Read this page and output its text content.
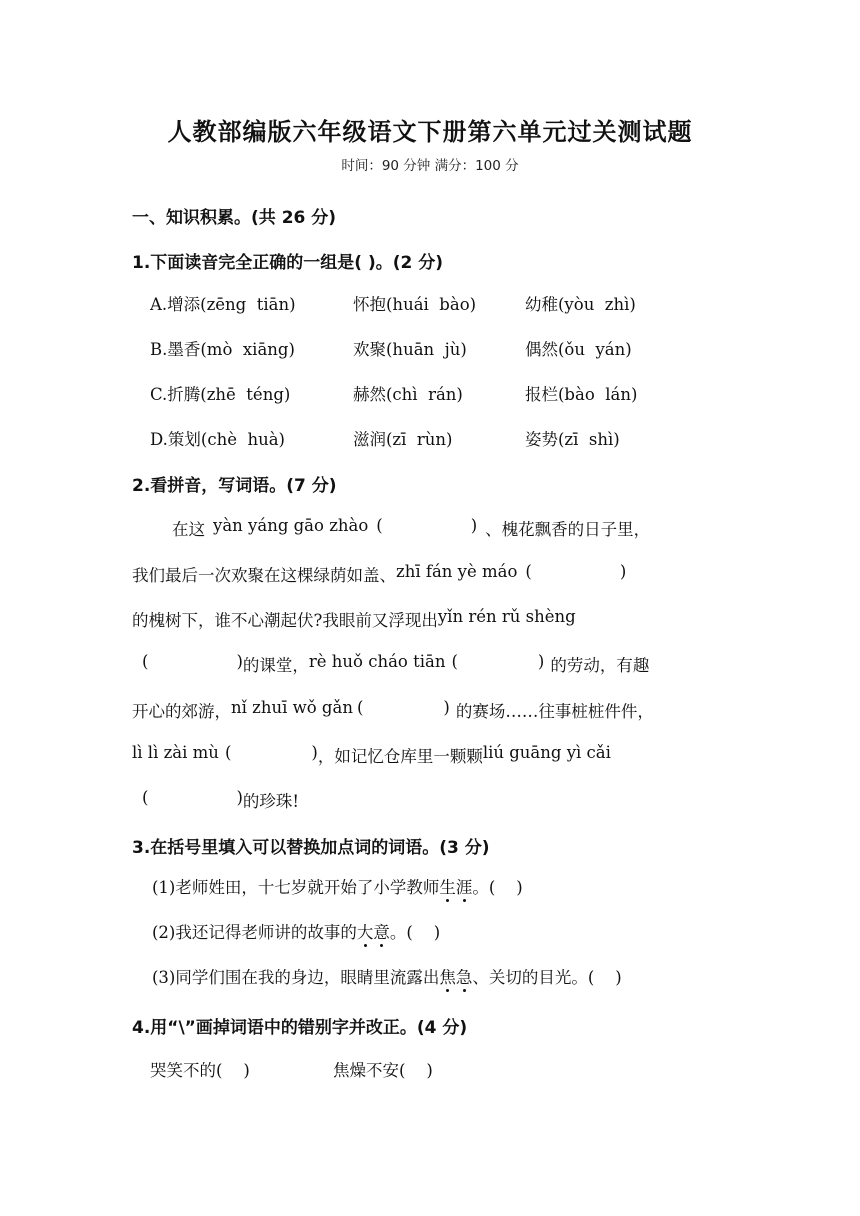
人教部编版六年级语文下册第六单元过关测试题
时间：90 分钟 满分：100 分
一、知识积累。(共 26 分)
1.下面读音完全正确的一组是( )。(2 分)
A.增添(zēng  tiān)	怀抱(huái  bào)	幼稚(yòu  zhì)
B.墨香(mò  xiāng)	欢聚(huān  jù)	偶然(ǒu  yán)
C.折腾(zhē  téng)	赫然(chì  rán)	报栏(bào  lán)
D.策划(chè  huà)	滋润(zī  rùn)	姿势(zī  shì)
2.看拼音，写词语。(7 分)
在这 yàn yáng gāo zhào (	) 、槐花飘香的日子里，
我们最后一次欢聚在这棵绿荫如盖、 zhī fán yè máo (	)
的槐树下，谁不心潮起伏?我眼前又浮现出 yǐn rén rǔ shèng
(	) 的课堂， rè huǒ cháo tiān (	) 的劳动，有趣
开心的郊游， nǐ zhuī wǒ gǎn (	) 的赛场……往事桩桩件件，
lì lì zài mù (	) ，如记忆仓库里一颗颗 liú guāng yì cǎi
(	) 的珍珠!
3.在括号里填入可以替换加点词的词语。(3 分)
(1)老师姓田，十七岁就开始了小学教师生涯。(    )
(2)我还记得老师讲的故事的大意。(    )
(3)同学们围在我的身边，眼睛里流露出焦急、关切的目光。(    )
4.用“\”画掉词语中的错别字并改正。(4 分)
哭笑不的(    )	焦燥不安(    )
